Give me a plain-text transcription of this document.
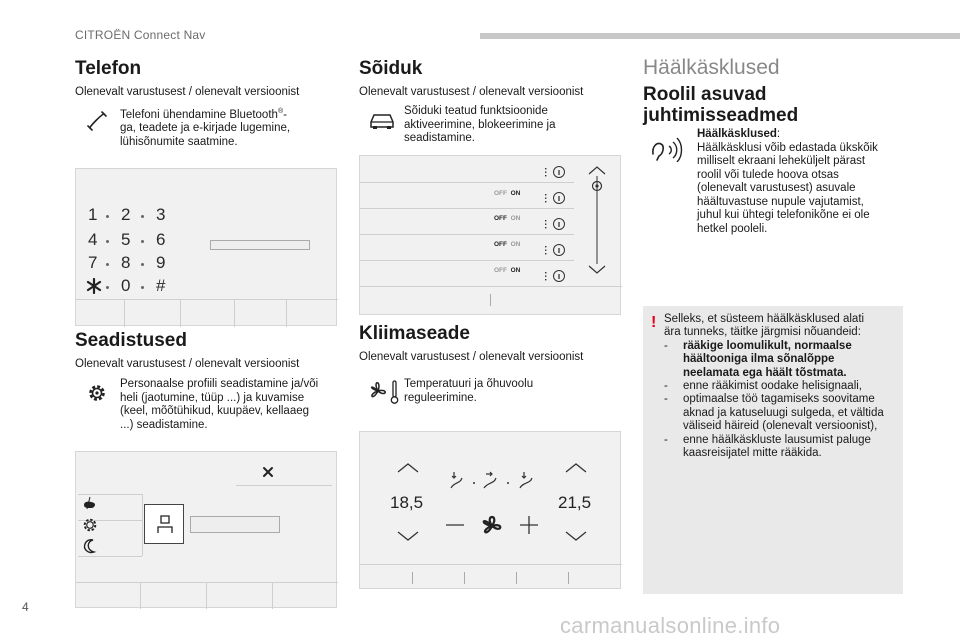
CITROËN Connect Nav
Telefon
Olenevalt varustusest / olenevalt versioonist
Telefoni ühendamine Bluetooth®-
ga, teadete ja e-kirjade lugemine,
lühisõnumite saatmine.
1 2 3
4 5 6
7 8 9
0 #
Seadistused
Olenevalt varustusest / olenevalt versioonist
Personaalse profiili seadistamine ja/või
heli (jaotumine, tüüp ...) ja kuvamise
(keel, mõõtühikud, kuupäev, kellaaeg
...) seadistamine.
Sõiduk
Olenevalt varustusest / olenevalt versioonist
Sõiduki teatud funktsioonide
aktiveerimine, blokeerimine ja
seadistamine.
OFF ON
OFF ON
OFF ON
OFF ON
Kliimaseade
Olenevalt varustusest / olenevalt versioonist
Temperatuuri ja õhuvoolu
reguleerimine.
18,5	21,5
Häälkäsklused
Roolil asuvad
juhtimisseadmed
Häälkäsklused:
Häälkäsklusi võib edastada ükskõik
milliselt ekraani leheküljelt pärast
roolil või tulede hoova otsas
(olenevalt varustusest) asuvale
häältuvastuse nupule vajutamist,
juhul kui ühtegi telefonikõne ei ole
hetkel pooleli.
! Selleks, et süsteem häälkäsklused alati
ära tunneks, täitke järgmisi nõuandeid:
- rääkige loomulikult, normaalse
häältooniga ilma sõnalõppe
neelamata ega häält tõstmata.
- enne rääkimist oodake helisignaali,
- optimaalse töö tagamiseks soovitame
aknad ja katuseluugi sulgeda, et vältida
väliseid häireid (olenevalt versioonist),
- enne häälkäskluste lausumist paluge
kaasreisijatel mitte rääkida.
4
carmanualsonline.info
